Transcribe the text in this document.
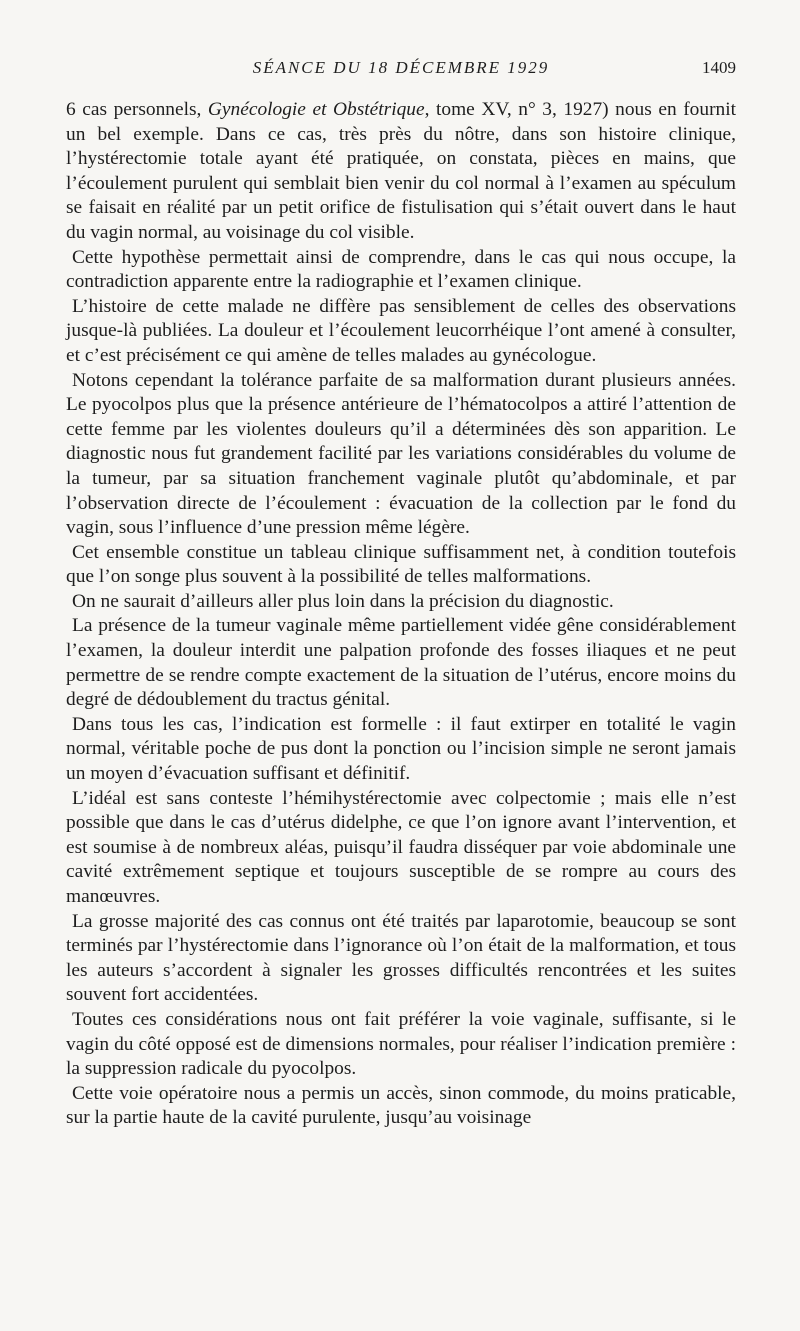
SÉANCE DU 18 DÉCEMBRE 1929	1409

6 cas personnels, Gynécologie et Obstétrique, tome XV, n° 3, 1927) nous en fournit un bel exemple. Dans ce cas, très près du nôtre, dans son histoire clinique, l’hystérectomie totale ayant été pratiquée, on constata, pièces en mains, que l’écoulement purulent qui semblait bien venir du col normal à l’examen au spéculum se faisait en réalité par un petit orifice de fistulisation qui s’était ouvert dans le haut du vagin normal, au voisinage du col visible.

Cette hypothèse permettait ainsi de comprendre, dans le cas qui nous occupe, la contradiction apparente entre la radiographie et l’examen clinique.

L’histoire de cette malade ne diffère pas sensiblement de celles des observations jusque-là publiées. La douleur et l’écoulement leucorrhéique l’ont amené à consulter, et c’est précisément ce qui amène de telles malades au gynécologue.

Notons cependant la tolérance parfaite de sa malformation durant plusieurs années. Le pyocolpos plus que la présence antérieure de l’hématocolpos a attiré l’attention de cette femme par les violentes douleurs qu’il a déterminées dès son apparition. Le diagnostic nous fut grandement facilité par les variations considérables du volume de la tumeur, par sa situation franchement vaginale plutôt qu’abdominale, et par l’observation directe de l’écoulement : évacuation de la collection par le fond du vagin, sous l’influence d’une pression même légère.

Cet ensemble constitue un tableau clinique suffisamment net, à condition toutefois que l’on songe plus souvent à la possibilité de telles malformations.

On ne saurait d’ailleurs aller plus loin dans la précision du diagnostic.

La présence de la tumeur vaginale même partiellement vidée gêne considérablement l’examen, la douleur interdit une palpation profonde des fosses iliaques et ne peut permettre de se rendre compte exactement de la situation de l’utérus, encore moins du degré de dédoublement du tractus génital.

Dans tous les cas, l’indication est formelle : il faut extirper en totalité le vagin normal, véritable poche de pus dont la ponction ou l’incision simple ne seront jamais un moyen d’évacuation suffisant et définitif.

L’idéal est sans conteste l’hémihystérectomie avec colpectomie ; mais elle n’est possible que dans le cas d’utérus didelphe, ce que l’on ignore avant l’intervention, et est soumise à de nombreux aléas, puisqu’il faudra disséquer par voie abdominale une cavité extrêmement septique et toujours susceptible de se rompre au cours des manœuvres.

La grosse majorité des cas connus ont été traités par laparotomie, beaucoup se sont terminés par l’hystérectomie dans l’ignorance où l’on était de la malformation, et tous les auteurs s’accordent à signaler les grosses difficultés rencontrées et les suites souvent fort accidentées.

Toutes ces considérations nous ont fait préférer la voie vaginale, suffisante, si le vagin du côté opposé est de dimensions normales, pour réaliser l’indication première : la suppression radicale du pyocolpos.

Cette voie opératoire nous a permis un accès, sinon commode, du moins praticable, sur la partie haute de la cavité purulente, jusqu’au voisinage
